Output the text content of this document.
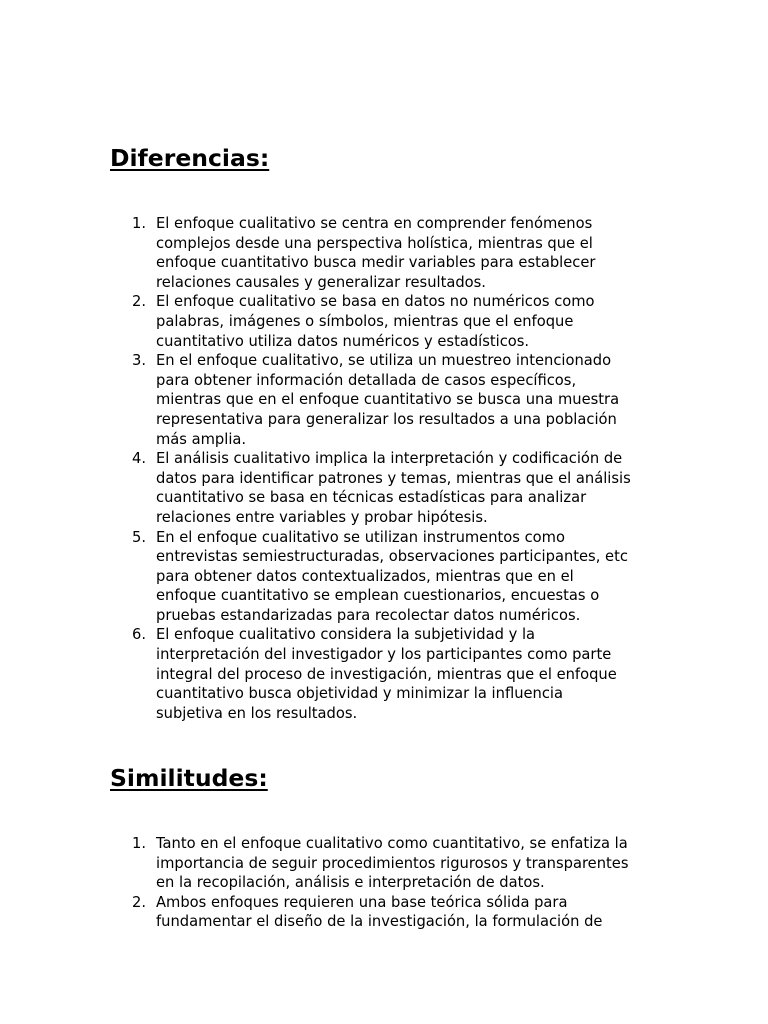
Diferencias:
1. El enfoque cualitativo se centra en comprender fenómenos
complejos desde una perspectiva holística, mientras que el
enfoque cuantitativo busca medir variables para establecer
relaciones causales y generalizar resultados.
2. El enfoque cualitativo se basa en datos no numéricos como
palabras, imágenes o símbolos, mientras que el enfoque
cuantitativo utiliza datos numéricos y estadísticos.
3. En el enfoque cualitativo, se utiliza un muestreo intencionado
para obtener información detallada de casos específicos,
mientras que en el enfoque cuantitativo se busca una muestra
representativa para generalizar los resultados a una población
más amplia.
4. El análisis cualitativo implica la interpretación y codificación de
datos para identificar patrones y temas, mientras que el análisis
cuantitativo se basa en técnicas estadísticas para analizar
relaciones entre variables y probar hipótesis.
5. En el enfoque cualitativo se utilizan instrumentos como
entrevistas semiestructuradas, observaciones participantes, etc
para obtener datos contextualizados, mientras que en el
enfoque cuantitativo se emplean cuestionarios, encuestas o
pruebas estandarizadas para recolectar datos numéricos.
6. El enfoque cualitativo considera la subjetividad y la
interpretación del investigador y los participantes como parte
integral del proceso de investigación, mientras que el enfoque
cuantitativo busca objetividad y minimizar la influencia
subjetiva en los resultados.
Similitudes:
1. Tanto en el enfoque cualitativo como cuantitativo, se enfatiza la
importancia de seguir procedimientos rigurosos y transparentes
en la recopilación, análisis e interpretación de datos.
2. Ambos enfoques requieren una base teórica sólida para
fundamentar el diseño de la investigación, la formulación de
